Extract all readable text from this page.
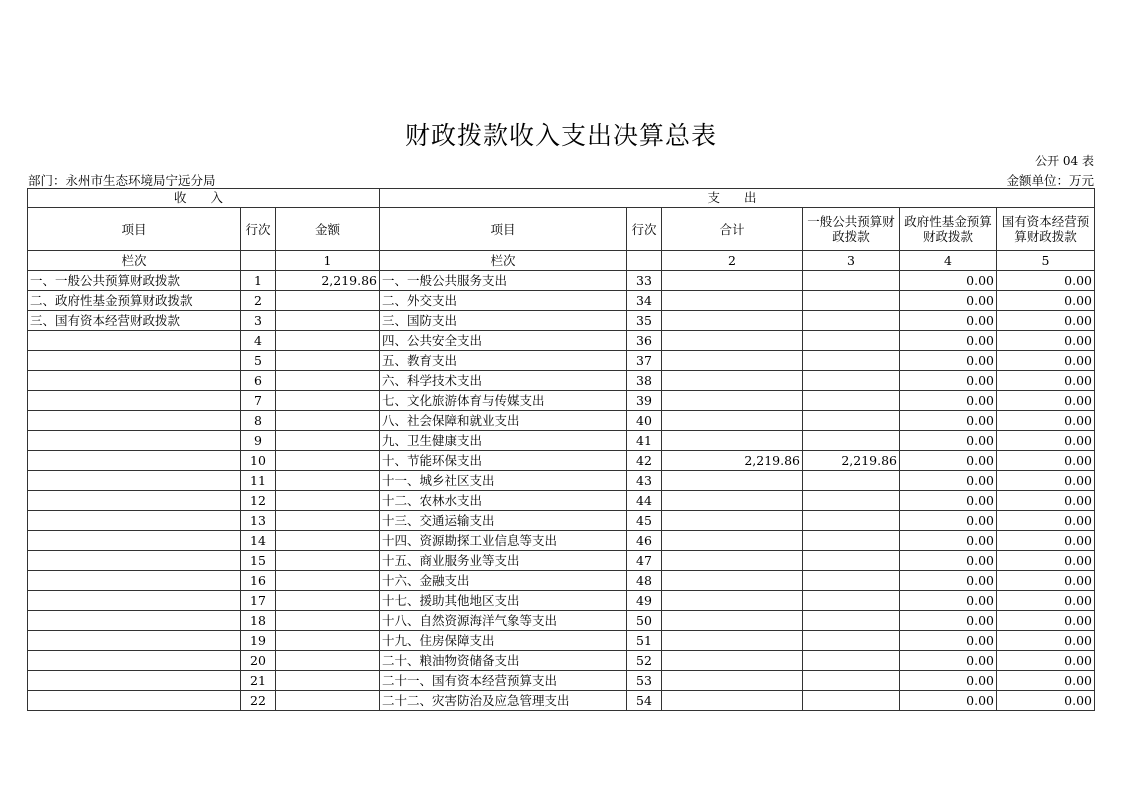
财政拨款收入支出决算总表
公开 04 表
部门：永州市生态环境局宁远分局	金额单位：万元
收 入			支 出					
项目	行次	金额	项目	行次	合计	一般公共预算财政拨款	政府性基金预算财政拨款	国有资本经营预算财政拨款
栏次		1	栏次		2	3	4	5
一、一般公共预算财政拨款	1	2,219.86	一、一般公共服务支出	33			0.00	0.00
二、政府性基金预算财政拨款	2		二、外交支出	34			0.00	0.00
三、国有资本经营财政拨款	3		三、国防支出	35			0.00	0.00
	4		四、公共安全支出	36			0.00	0.00
	5		五、教育支出	37			0.00	0.00
	6		六、科学技术支出	38			0.00	0.00
	7		七、文化旅游体育与传媒支出	39			0.00	0.00
	8		八、社会保障和就业支出	40			0.00	0.00
	9		九、卫生健康支出	41			0.00	0.00
	10		十、节能环保支出	42	2,219.86	2,219.86	0.00	0.00
	11		十一、城乡社区支出	43			0.00	0.00
	12		十二、农林水支出	44			0.00	0.00
	13		十三、交通运输支出	45			0.00	0.00
	14		十四、资源勘探工业信息等支出	46			0.00	0.00
	15		十五、商业服务业等支出	47			0.00	0.00
	16		十六、金融支出	48			0.00	0.00
	17		十七、援助其他地区支出	49			0.00	0.00
	18		十八、自然资源海洋气象等支出	50			0.00	0.00
	19		十九、住房保障支出	51			0.00	0.00
	20		二十、粮油物资储备支出	52			0.00	0.00
	21		二十一、国有资本经营预算支出	53			0.00	0.00
	22		二十二、灾害防治及应急管理支出	54			0.00	0.00
